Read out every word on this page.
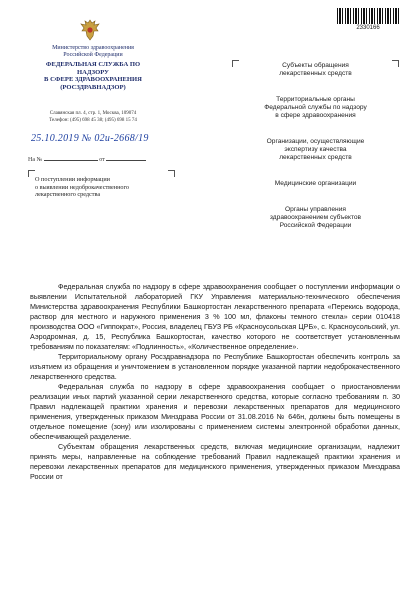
2330166
Министерство здравоохранения Российской Федерации
ФЕДЕРАЛЬНАЯ СЛУЖБА ПО НАДЗОРУ
В СФЕРЕ ЗДРАВООХРАНЕНИЯ
(РОСЗДРАВНАДЗОР)
Славянская пл. 4, стр. 1, Москва, 109074
Телефон: (495) 698 45 38; (495) 698 15 74
25.10.2019 № 02и-2668/19
На №	от
О поступлении информации
о выявлении недоброкачественного
лекарственного средства
Субъекты обращения
лекарственных средств
Территориальные органы
Федеральной службы по надзору
в сфере здравоохранения
Организации, осуществляющие
экспертизу качества
лекарственных средств
Медицинские организации
Органы управления
здравоохранением субъектов
Российской Федерации

Федеральная служба по надзору в сфере здравоохранения сообщает о поступлении информации о выявлении Испытательной лабораторией ГКУ Управления материально-технического обеспечения Министерства здравоохранения Республики Башкортостан лекарственного препарата «Перекись водорода, раствор для местного и наружного применения 3 % 100 мл, флаконы темного стекла» серии 010418 производства ООО «Гиппократ», Россия, владелец ГБУЗ РБ «Красноусольская ЦРБ», с. Красноусольский, ул. Аэродромная, д. 15, Республика Башкортостан, качество которого не соответствует установленным требованиям по показателям: «Подлинность», «Количественное определение».

Территориальному органу Росздравнадзора по Республике Башкортостан обеспечить контроль за изъятием из обращения и уничтожением в установленном порядке указанной партии недоброкачественного лекарственного средства.

Федеральная служба по надзору в сфере здравоохранения сообщает о приостановлении реализации иных партий указанной серии лекарственного средства, которые согласно требованиям п. 30 Правил надлежащей практики хранения и перевозки лекарственных препаратов для медицинского применения, утвержденных приказом Минздрава России от 31.08.2016 № 646н, должны быть помещены в отдельное помещение (зону) или изолированы с применением системы электронной обработки данных, обеспечивающей разделение.

Субъектам обращения лекарственных средств, включая медицинские организации, надлежит принять меры, направленные на соблюдение требований Правил надлежащей практики хранения и перевозки лекарственных препаратов для медицинского применения, утвержденных приказом Минздрава России от
